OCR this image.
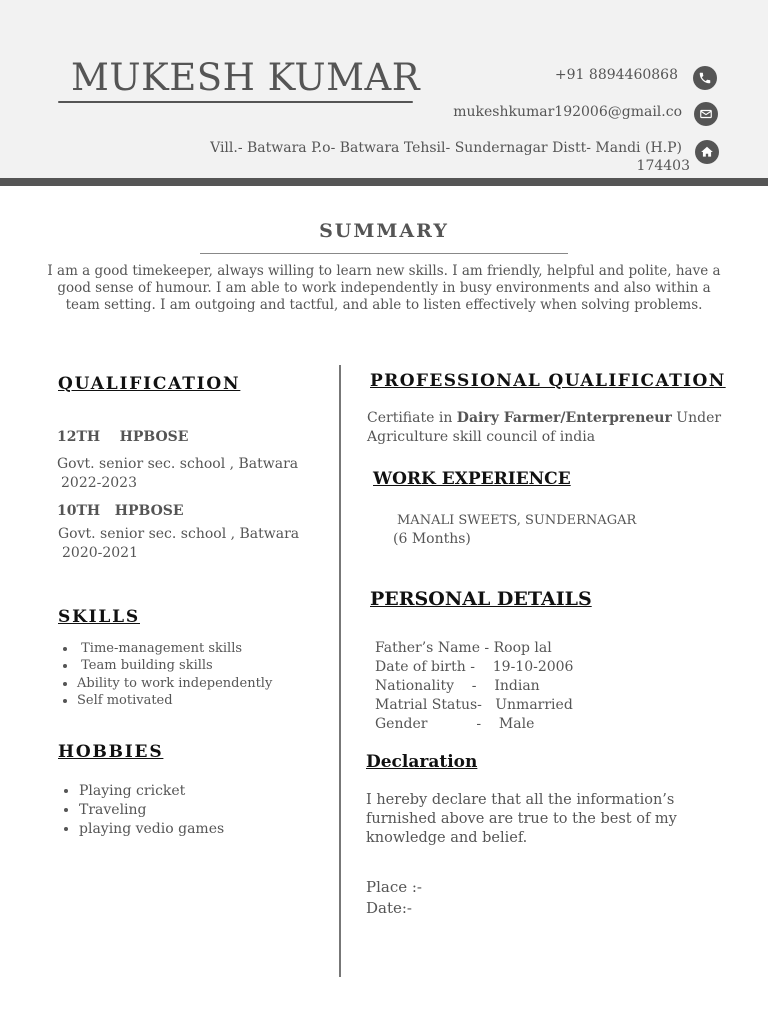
MUKESH KUMAR	+91 8894460868
mukeshkumar192006@gmail.co
Vill.- Batwara P.o- Batwara Tehsil- Sundernagar Distt- Mandi (H.P)
174403
SUMMARY
I am a good timekeeper, always willing to learn new skills. I am friendly, helpful and polite, have a good sense of humour. I am able to work independently in busy environments and also within a team setting. I am outgoing and tactful, and able to listen effectively when solving problems.
QUALIFICATION
12TH HPBOSE
Govt. senior sec. school , Batwara
2022-2023
10TH HPBOSE
Govt. senior sec. school , Batwara
2020-2021
SKILLS
• Time-management skills
• Team building skills
• Ability to work independently
• Self motivated
HOBBIES
• Playing cricket
• Traveling
• playing vedio games
PROFESSIONAL QUALIFICATION
Certifiate in Dairy Farmer/Enterpreneur Under
Agriculture skill council of india
WORK EXPERIENCE
MANALI SWEETS, SUNDERNAGAR
(6 Months)
PERSONAL DETAILS
Father’s Name - Roop lal
Date of birth - 19-10-2006
Nationality    - Indian
Matrial Status- Unmarried
Gender           - Male
Declaration
I hereby declare that all the information’s furnished above are true to the best of my knowledge and belief.
Place :-
Date:-
